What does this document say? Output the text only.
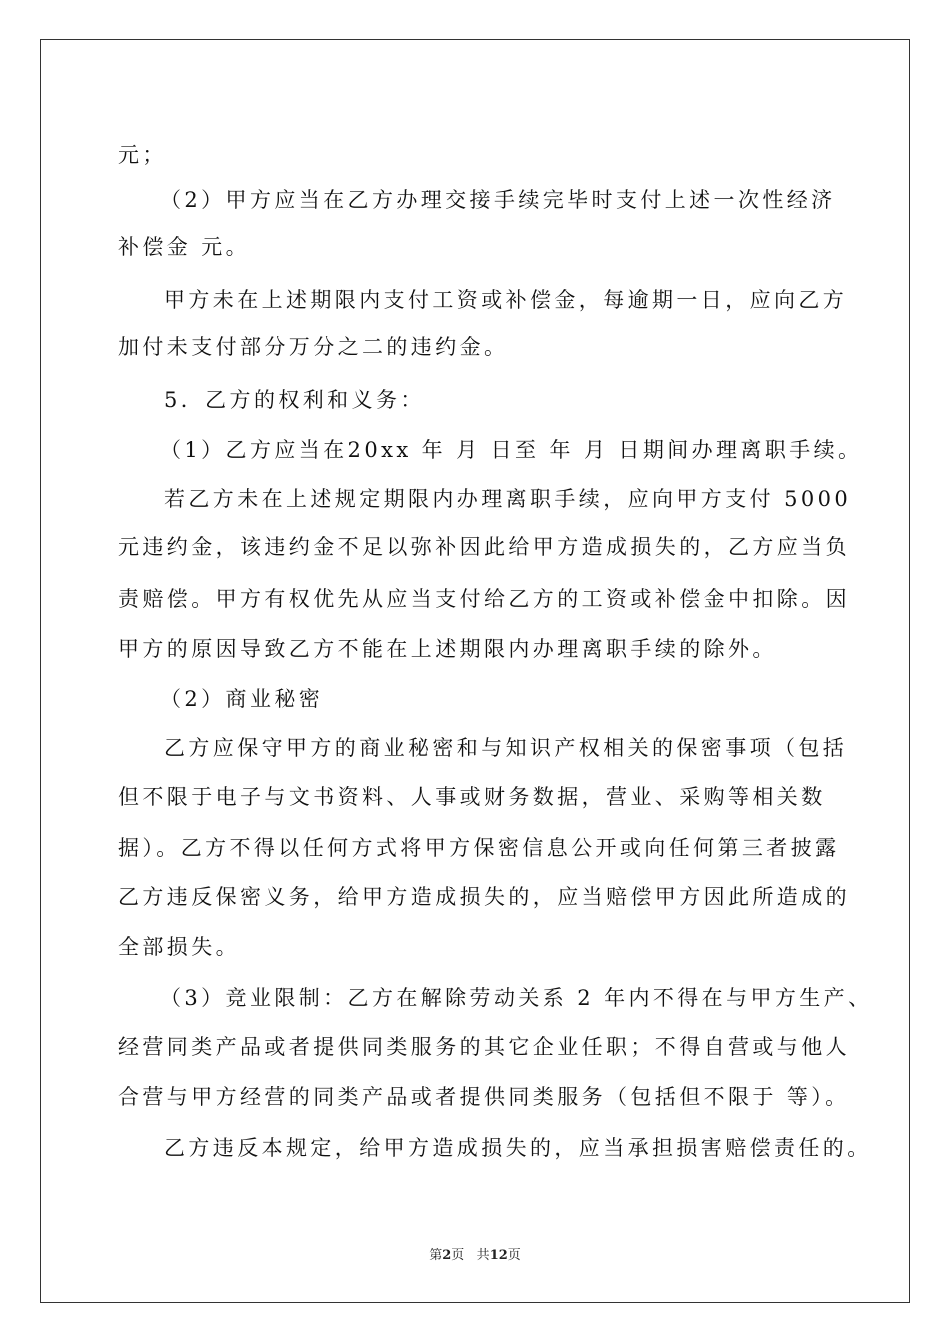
元；
（2）甲方应当在乙方办理交接手续完毕时支付上述一次性经济
补偿金 元。
甲方未在上述期限内支付工资或补偿金，每逾期一日，应向乙方
加付未支付部分万分之二的违约金。
5．乙方的权利和义务：
（1）乙方应当在20xx 年 月 日至 年 月 日期间办理离职手续。
若乙方未在上述规定期限内办理离职手续，应向甲方支付 5000
元违约金，该违约金不足以弥补因此给甲方造成损失的，乙方应当负
责赔偿。甲方有权优先从应当支付给乙方的工资或补偿金中扣除。因
甲方的原因导致乙方不能在上述期限内办理离职手续的除外。
（2）商业秘密
乙方应保守甲方的商业秘密和与知识产权相关的保密事项（包括
但不限于电子与文书资料、人事或财务数据，营业、采购等相关数
据）。乙方不得以任何方式将甲方保密信息公开或向任何第三者披露
乙方违反保密义务，给甲方造成损失的，应当赔偿甲方因此所造成的
全部损失。
（3）竞业限制：乙方在解除劳动关系 2 年内不得在与甲方生产、
经营同类产品或者提供同类服务的其它企业任职；不得自营或与他人
合营与甲方经营的同类产品或者提供同类服务（包括但不限于 等）。
乙方违反本规定，给甲方造成损失的，应当承担损害赔偿责任的。
第2页 共12页
